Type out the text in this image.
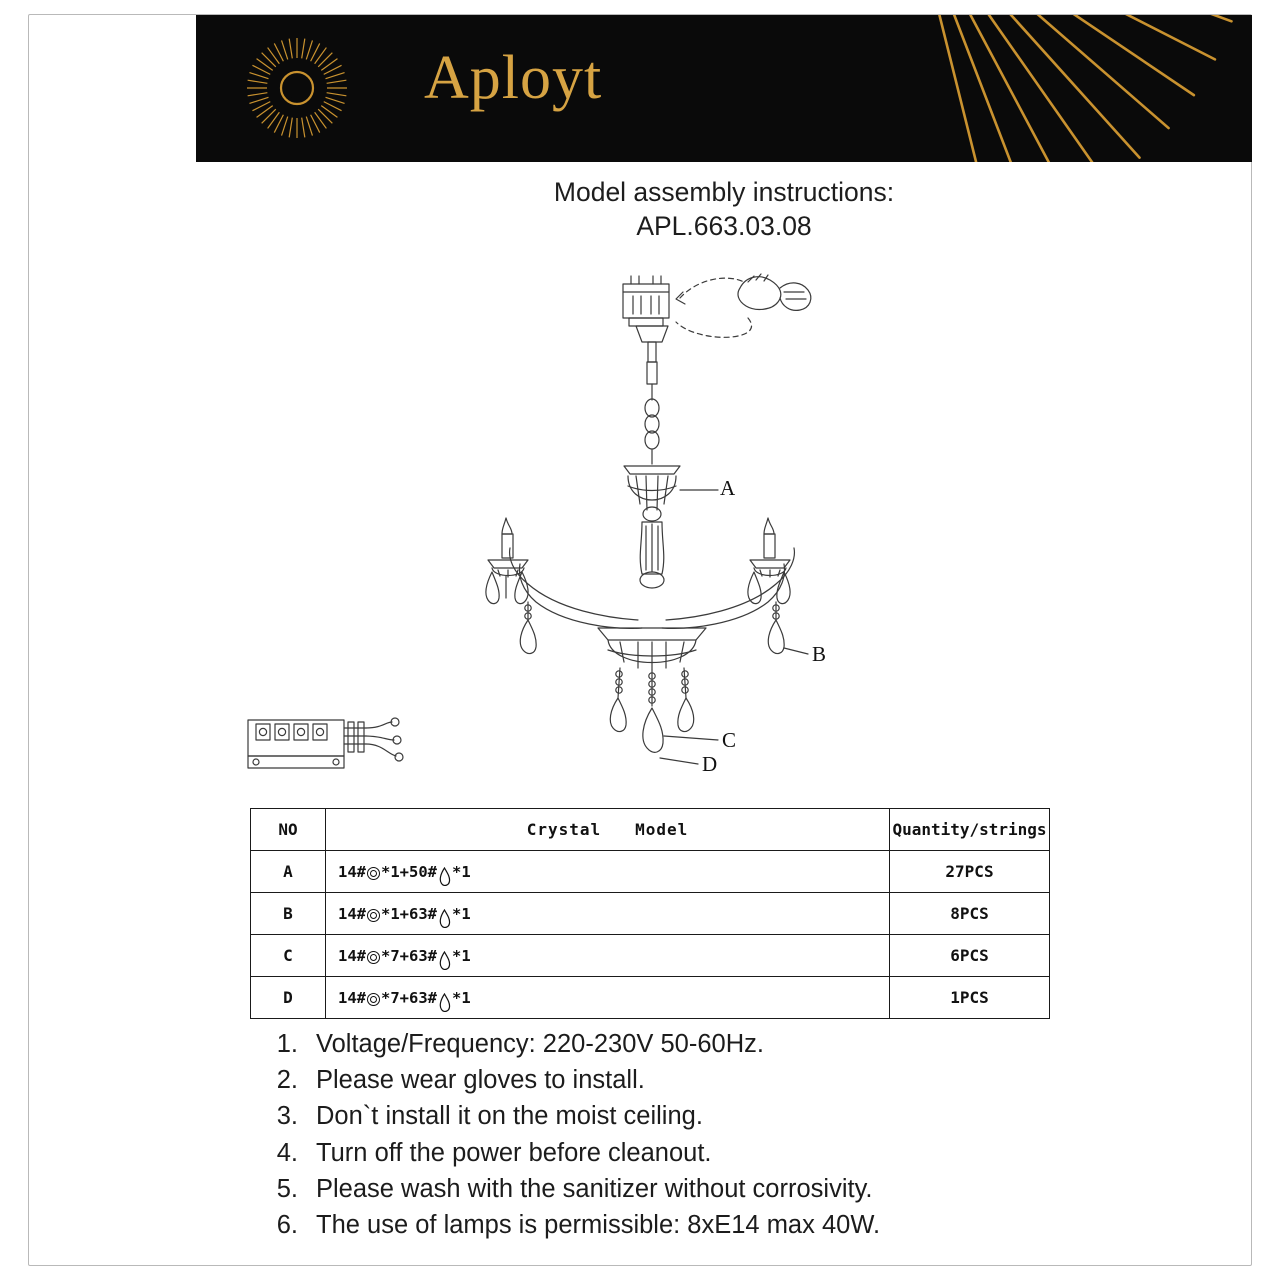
Aployt
Model assembly instructions:
APL.663.03.08
A
B
C
D
NO	Crystal Model	Quantity/strings
A	14# *1+50# *1	27PCS
B	14# *1+63# *1	8PCS
C	14# *7+63# *1	6PCS
D	14# *7+63# *1	1PCS
1. Voltage/Frequency: 220-230V 50-60Hz.
2. Please wear gloves to install.
3. Don`t install it on the moist ceiling.
4. Turn off the power before cleanout.
5. Please wash with the sanitizer without corrosivity.
6. The use of lamps is permissible: 8xE14 max 40W.
